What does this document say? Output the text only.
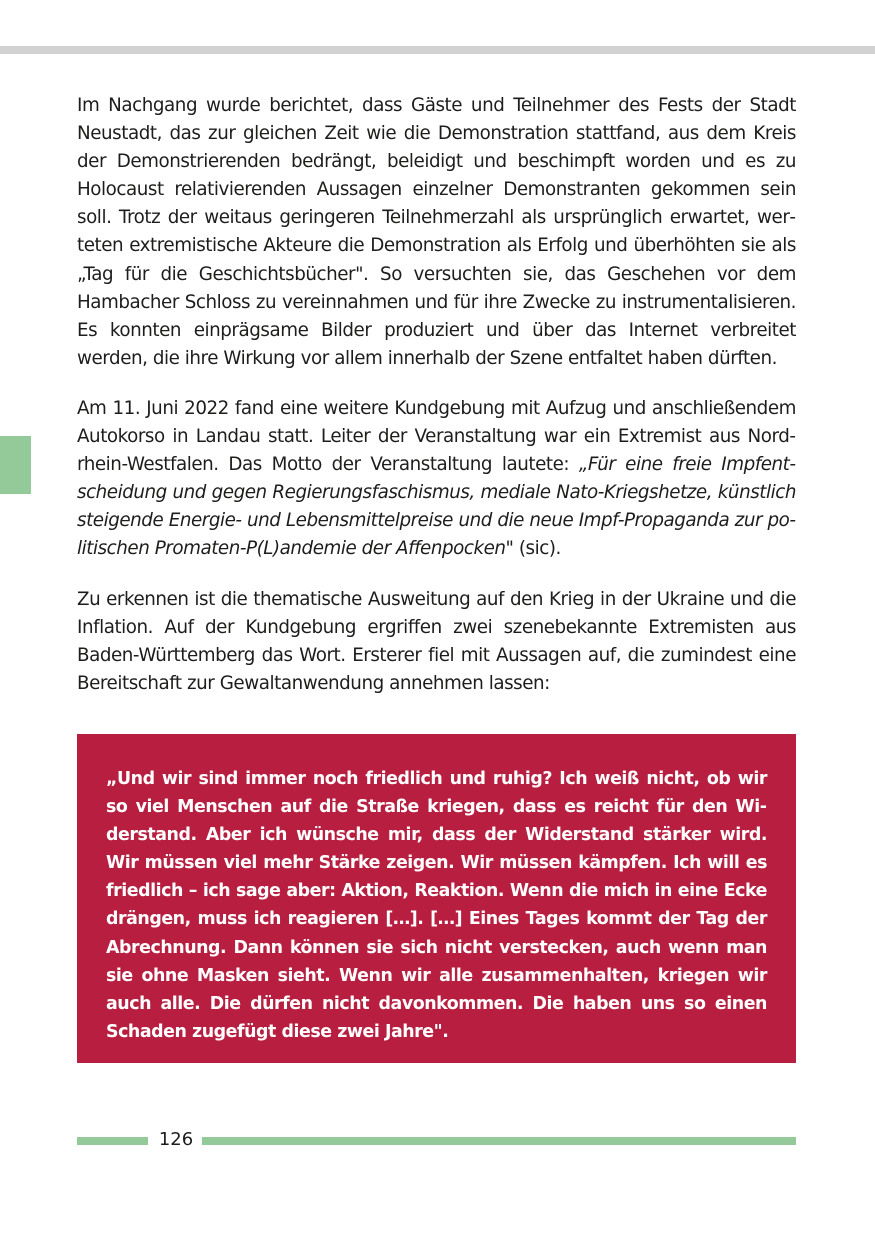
Im Nachgang wurde berichtet, dass Gäste und Teilnehmer des Fests der Stadt Neustadt, das zur gleichen Zeit wie die Demonstration stattfand, aus dem Kreis der Demonstrierenden bedrängt, beleidigt und beschimpft worden und es zu Holocaust relativierenden Aussagen einzelner Demonstranten gekommen sein soll. Trotz der weitaus geringeren Teilnehmerzahl als ursprünglich erwartet, werteten extremistische Akteure die Demonstration als Erfolg und überhöhten sie als „Tag für die Geschichtsbücher". So versuchten sie, das Geschehen vor dem Hambacher Schloss zu vereinnahmen und für ihre Zwecke zu instrumentalisieren. Es konnten einprägsame Bilder produziert und über das Internet verbreitet werden, die ihre Wirkung vor allem innerhalb der Szene entfaltet haben dürften.

Am 11. Juni 2022 fand eine weitere Kundgebung mit Aufzug und anschließendem Autokorso in Landau statt. Leiter der Veranstaltung war ein Extremist aus Nordrhein-Westfalen. Das Motto der Veranstaltung lautete: „Für eine freie Impfentscheidung und gegen Regierungsfaschismus, mediale Nato-Kriegshetze, künstlich steigende Energie- und Lebensmittelpreise und die neue Impf-Propaganda zur politischen Promaten-P(L)andemie der Affenpocken" (sic).

Zu erkennen ist die thematische Ausweitung auf den Krieg in der Ukraine und die Inflation. Auf der Kundgebung ergriffen zwei szenebekannte Extremisten aus Baden-Württemberg das Wort. Ersterer fiel mit Aussagen auf, die zumindest eine Bereitschaft zur Gewaltanwendung annehmen lassen:

„Und wir sind immer noch friedlich und ruhig? Ich weiß nicht, ob wir so viel Menschen auf die Straße kriegen, dass es reicht für den Widerstand. Aber ich wünsche mir, dass der Widerstand stärker wird. Wir müssen viel mehr Stärke zeigen. Wir müssen kämpfen. Ich will es friedlich – ich sage aber: Aktion, Reaktion. Wenn die mich in eine Ecke drängen, muss ich reagieren […]. […] Eines Tages kommt der Tag der Abrechnung. Dann können sie sich nicht verstecken, auch wenn man sie ohne Masken sieht. Wenn wir alle zusammenhalten, kriegen wir auch alle. Die dürfen nicht davonkommen. Die haben uns so einen Schaden zugefügt diese zwei Jahre".

126
